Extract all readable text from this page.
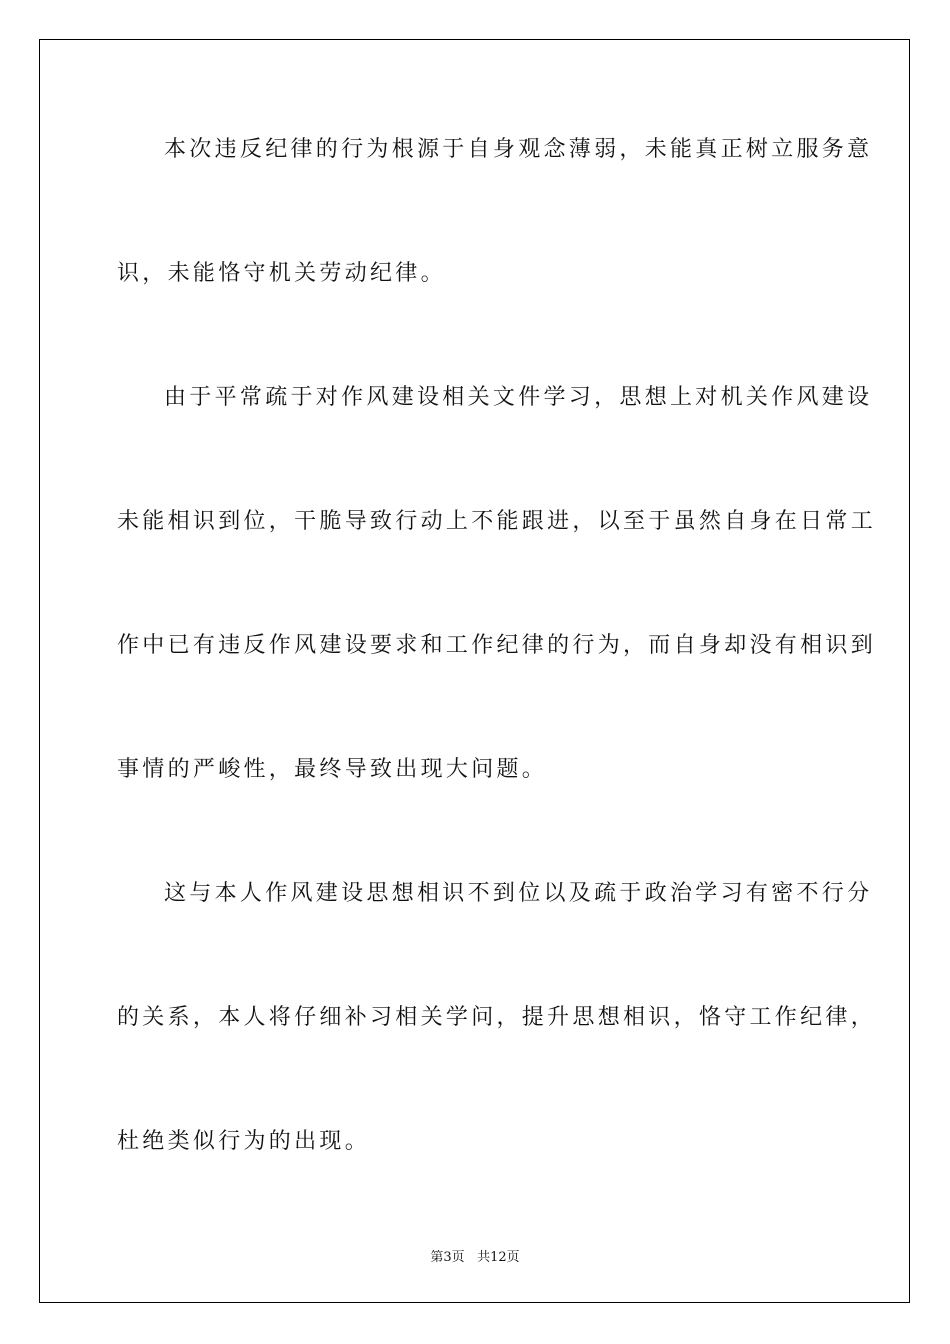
本次违反纪律的行为根源于自身观念薄弱，未能真正树立服务意
识，未能恪守机关劳动纪律。
由于平常疏于对作风建设相关文件学习，思想上对机关作风建设
未能相识到位，干脆导致行动上不能跟进，以至于虽然自身在日常工
作中已有违反作风建设要求和工作纪律的行为，而自身却没有相识到
事情的严峻性，最终导致出现大问题。
这与本人作风建设思想相识不到位以及疏于政治学习有密不行分
的关系，本人将仔细补习相关学问，提升思想相识，恪守工作纪律，
杜绝类似行为的出现。
第3页 共12页
